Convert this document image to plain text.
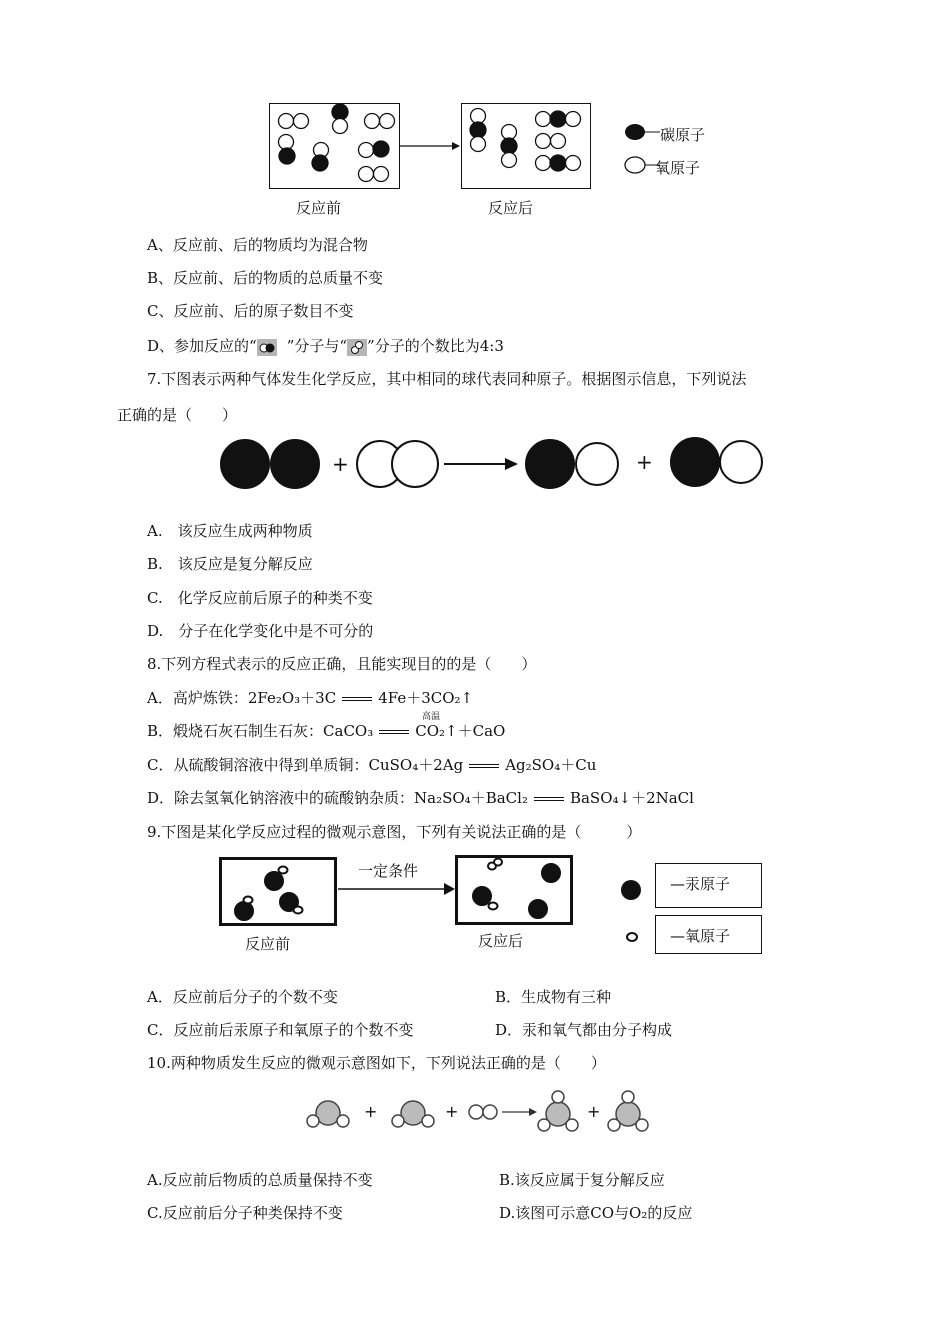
反应前	反应后
碳原子
氧原子
A、反应前、后的物质均为混合物
B、反应前、后的物质的总质量不变
C、反应前、后的原子数目不变
D、参加反应的“ ”分子与“ ”分子的个数比为4:3
7.下图表示两种气体发生化学反应，其中相同的球代表同种原子。根据图示信息，下列说法
正确的是（　　）
+	+
A.　该反应生成两种物质
B.　该反应是复分解反应
C.　化学反应前后原子的种类不变
D.　分子在化学变化中是不可分的
8.下列方程式表示的反应正确，且能实现目的的是（　　）
A．高炉炼铁：2Fe₂O₃＋3C	4Fe＋3CO₂↑
高温
B．煅烧石灰石制生石灰：CaCO₃	CO₂↑＋CaO
C．从硫酸铜溶液中得到单质铜：CuSO₄＋2Ag	Ag₂SO₄＋Cu
D．除去氢氧化钠溶液中的硫酸钠杂质：Na₂SO₄＋BaCl₂	BaSO₄↓＋2NaCl
9.下图是某化学反应过程的微观示意图，下列有关说法正确的是（　　　）
一定条件
反应前	反应后
—汞原子
—氧原子
A．反应前后分子的个数不变	B．生成物有三种
C．反应前后汞原子和氧原子的个数不变	D．汞和氧气都由分子构成
10.两种物质发生反应的微观示意图如下，下列说法正确的是（　　）
+	+	+
A.反应前后物质的总质量保持不变	B.该反应属于复分解反应
C.反应前后分子种类保持不变	D.该图可示意CO与O₂的反应
